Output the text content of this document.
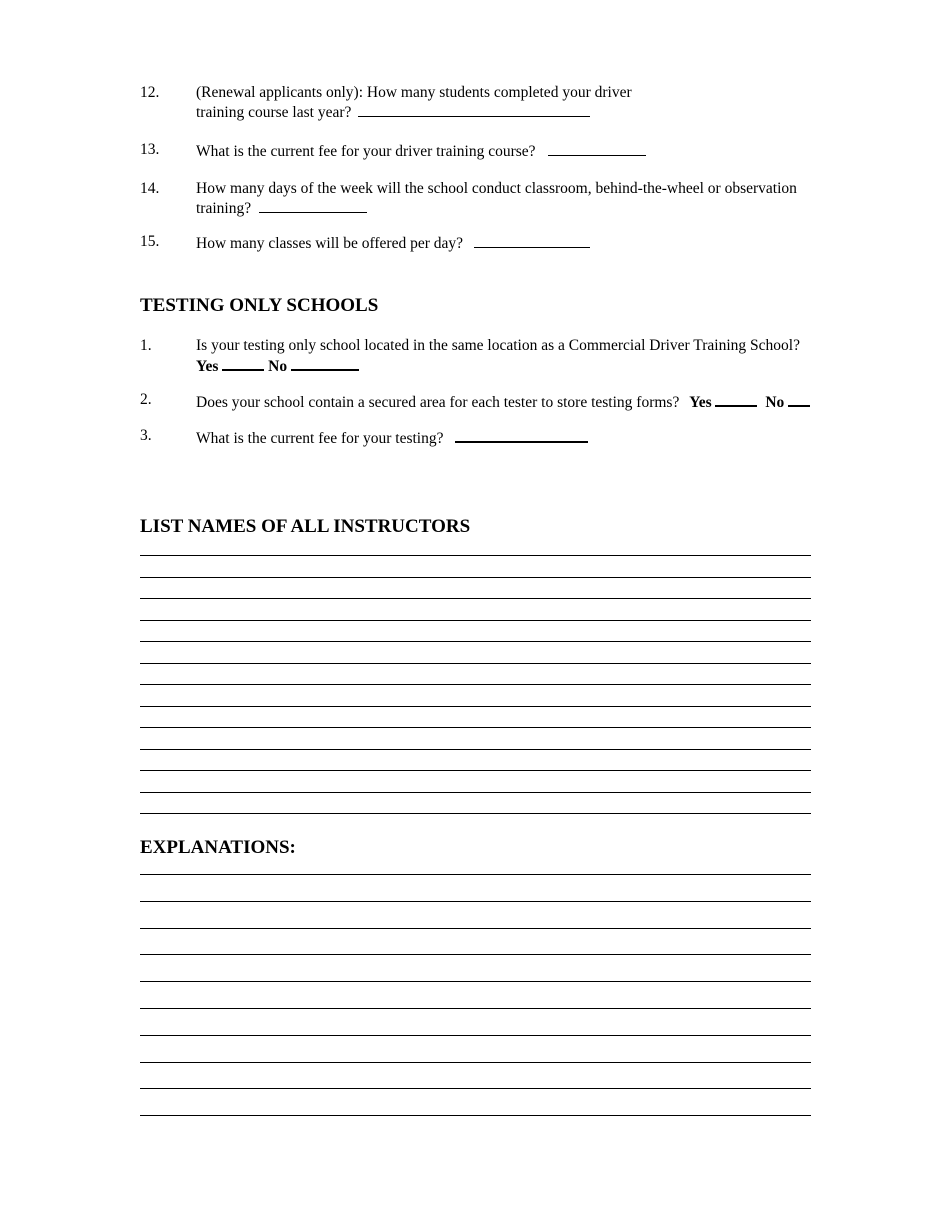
12.	(Renewal applicants only): How many students completed your driver
training course last year?
13.	What is the current fee for your driver training course?
14.	How many days of the week will the school conduct classroom, behind-the-wheel or observation
training?
15.	How many classes will be offered per day?
TESTING ONLY SCHOOLS
1.	Is your testing only school located in the same location as a Commercial Driver Training School?
Yes	No
2.	Does your school contain a secured area for each tester to store testing forms? Yes	No
3.	What is the current fee for your testing?
LIST NAMES OF ALL INSTRUCTORS
EXPLANATIONS:
